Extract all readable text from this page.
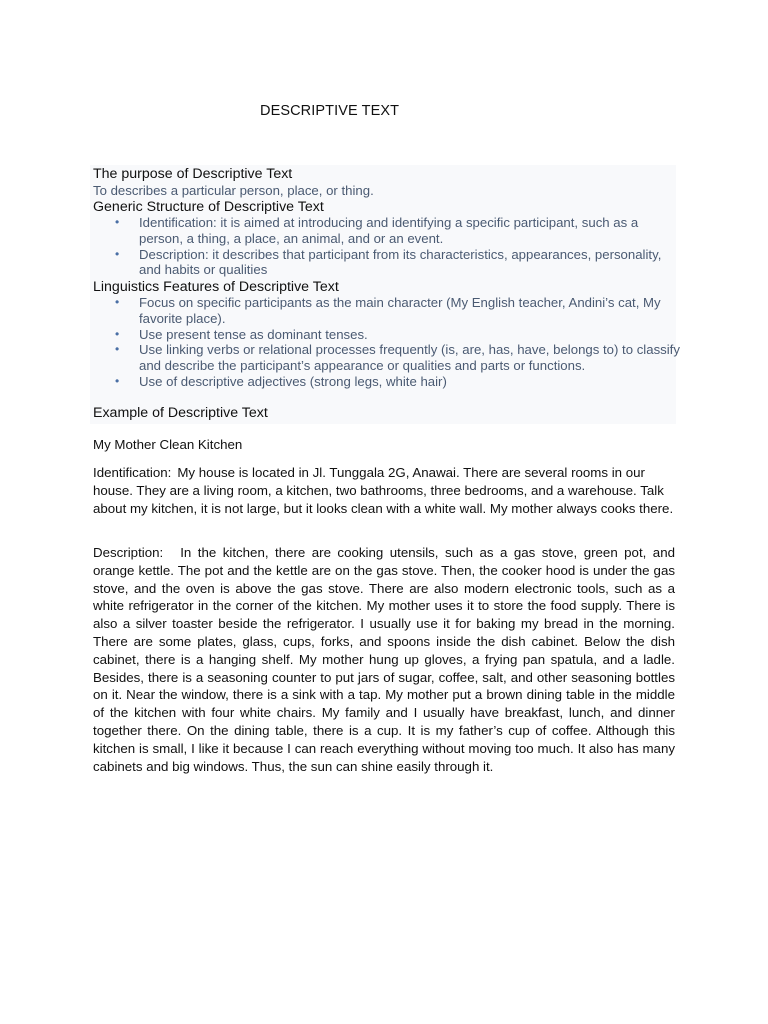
DESCRIPTIVE TEXT
The purpose of Descriptive Text

To describes a particular person, place, or thing.

Generic Structure of Descriptive Text
• Identification: it is aimed at introducing and identifying a specific participant, such as a person, a thing, a place, an animal, and or an event.
• Description: it describes that participant from its characteristics, appearances, personality, and habits or qualities
Linguistics Features of Descriptive Text
• Focus on specific participants as the main character (My English teacher, Andini’s cat, My favorite place).
• Use present tense as dominant tenses.
• Use linking verbs or relational processes frequently (is, are, has, have, belongs to) to classify and describe the participant’s appearance or qualities and parts or functions.
• Use of descriptive adjectives (strong legs, white hair)
Example of Descriptive Text

My Mother Clean Kitchen

Identification: My house is located in Jl. Tunggala 2G, Anawai. There are several rooms in our house. They are a living room, a kitchen, two bathrooms, three bedrooms, and a warehouse. Talk about my kitchen, it is not large, but it looks clean with a white wall. My mother always cooks there.

Description: In the kitchen, there are cooking utensils, such as a gas stove, green pot, and orange kettle. The pot and the kettle are on the gas stove. Then, the cooker hood is under the gas stove, and the oven is above the gas stove. There are also modern electronic tools, such as a white refrigerator in the corner of the kitchen. My mother uses it to store the food supply. There is also a silver toaster beside the refrigerator. I usually use it for baking my bread in the morning. There are some plates, glass, cups, forks, and spoons inside the dish cabinet. Below the dish cabinet, there is a hanging shelf. My mother hung up gloves, a frying pan spatula, and a ladle. Besides, there is a seasoning counter to put jars of sugar, coffee, salt, and other seasoning bottles on it. Near the window, there is a sink with a tap. My mother put a brown dining table in the middle of the kitchen with four white chairs. My family and I usually have breakfast, lunch, and dinner together there. On the dining table, there is a cup. It is my father’s cup of coffee. Although this kitchen is small, I like it because I can reach everything without moving too much. It also has many cabinets and big windows. Thus, the sun can shine easily through it.
